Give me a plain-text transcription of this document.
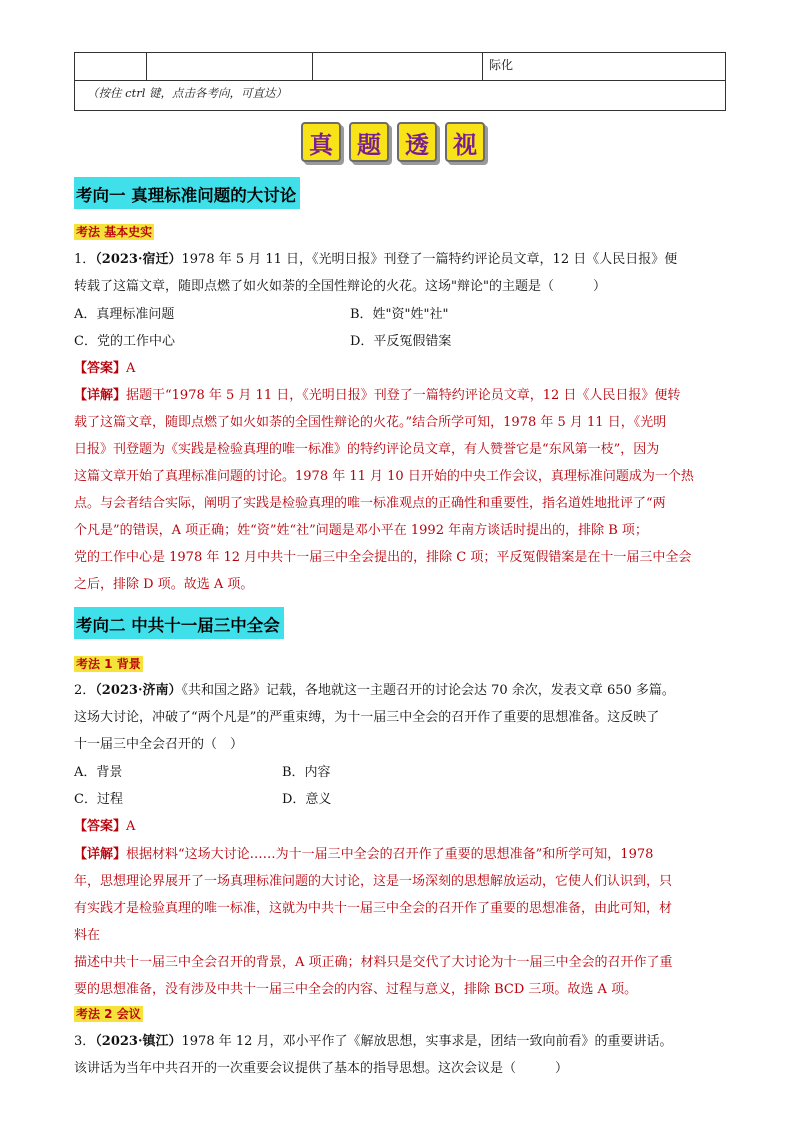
			际化
（按住 ctrl 键，点击各考向，可直达）
真	题	透	视
考向一 真理标准问题的大讨论
考法 基本史实
1．（2023·宿迁）1978 年 5 月 11 日，《光明日报》刊登了一篇特约评论员文章，12 日《人民日报》便
转载了这篇文章，随即点燃了如火如荼的全国性辩论的火花。这场"辩论"的主题是（　　　）
A．真理标准问题	B．姓"资"姓"社"
C．党的工作中心	D．平反冤假错案
【答案】A
【详解】据题干“1978 年 5 月 11 日，《光明日报》刊登了一篇特约评论员文章，12 日《人民日报》便转
载了这篇文章，随即点燃了如火如荼的全国性辩论的火花。”结合所学可知，1978 年 5 月 11 日，《光明
日报》刊登题为《实践是检验真理的唯一标准》的特约评论员文章，有人赞誉它是“东风第一枝”，因为
这篇文章开始了真理标准问题的讨论。1978 年 11 月 10 日开始的中央工作会议，真理标准问题成为一个热
点。与会者结合实际，阐明了实践是检验真理的唯一标准观点的正确性和重要性，指名道姓地批评了“两
个凡是”的错误，A 项正确；姓“资”姓“社”问题是邓小平在 1992 年南方谈话时提出的，排除 B 项；
党的工作中心是 1978 年 12 月中共十一届三中全会提出的，排除 C 项；平反冤假错案是在十一届三中全会
之后，排除 D 项。故选 A 项。
考向二 中共十一届三中全会
考法 1 背景
2．（2023·济南）《共和国之路》记载，各地就这一主题召开的讨论会达 70 余次，发表文章 650 多篇。
这场大讨论，冲破了“两个凡是”的严重束缚，为十一届三中全会的召开作了重要的思想准备。这反映了
十一届三中全会召开的（　）
A．背景	B．内容
C．过程	D．意义
【答案】A
【详解】根据材料“这场大讨论……为十一届三中全会的召开作了重要的思想准备”和所学可知，1978
年，思想理论界展开了一场真理标准问题的大讨论，这是一场深刻的思想解放运动，它使人们认识到，只
有实践才是检验真理的唯一标准，这就为中共十一届三中全会的召开作了重要的思想准备，由此可知，材
料在
描述中共十一届三中全会召开的背景，A 项正确；材料只是交代了大讨论为十一届三中全会的召开作了重
要的思想准备，没有涉及中共十一届三中全会的内容、过程与意义，排除 BCD 三项。故选 A 项。
考法 2 会议
3．（2023·镇江）1978 年 12 月，邓小平作了《解放思想，实事求是，团结一致向前看》的重要讲话。
该讲话为当年中共召开的一次重要会议提供了基本的指导思想。这次会议是（　　　）
